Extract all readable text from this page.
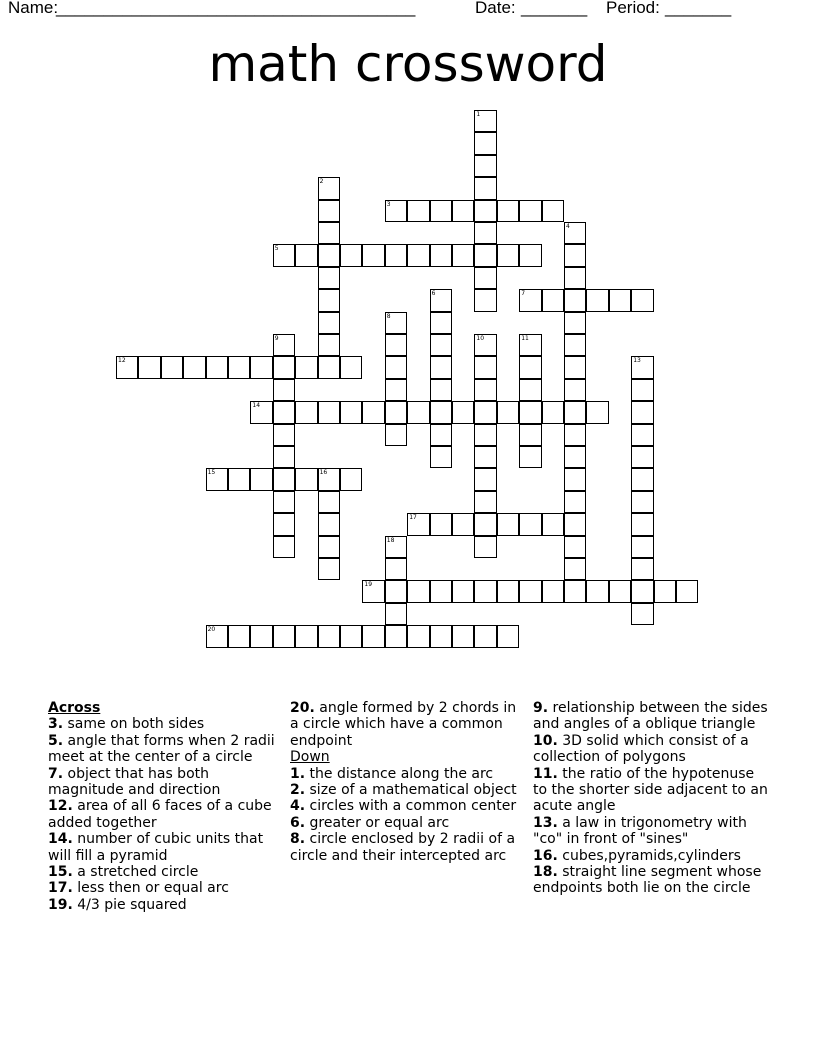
Name:
______________________________________	Date: _______ Period: _______
math crossword
1
2
3
4
5
6	7
8
9	10	11
12	13
14
15	16
17
18
19
20
Across
3. same on both sides
5. angle that forms when 2 radii meet at the center of a circle
7. object that has both magnitude and direction
12. area of all 6 faces of a cube added together
14. number of cubic units that will fill a pyramid
15. a stretched circle
17. less then or equal arc
19. 4/3 pie squared
20. angle formed by 2 chords in a circle which have a common endpoint
Down
1. the distance along the arc
2. size of a mathematical object
4. circles with a common center
6. greater or equal arc
8. circle enclosed by 2 radii of a circle and their intercepted arc
9. relationship between the sides and angles of a oblique triangle
10. 3D solid which consist of a collection of polygons
11. the ratio of the hypotenuse to the shorter side adjacent to an acute angle
13. a law in trigonometry with "co" in front of "sines"
16. cubes,pyramids,cylinders
18. straight line segment whose endpoints both lie on the circle
